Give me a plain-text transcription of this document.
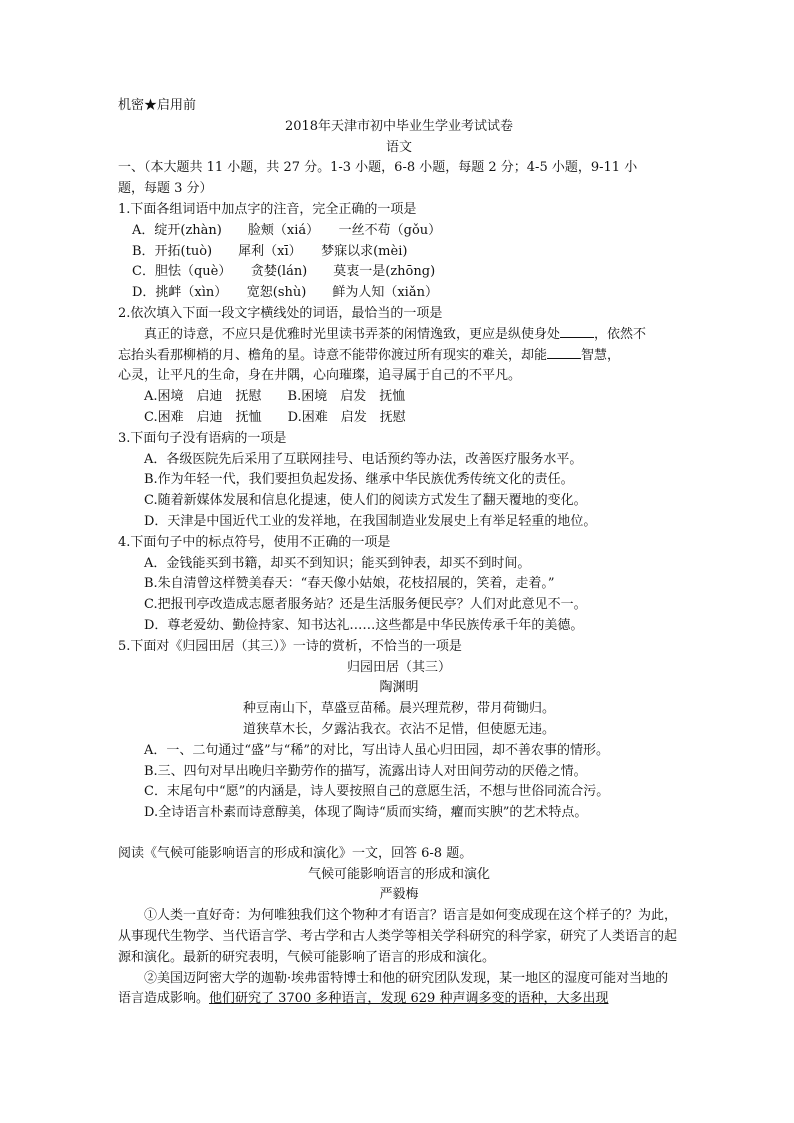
机密★启用前
2018年天津市初中毕业生学业考试试卷
语文
一、（本大题共 11 小题，共 27 分。1-3 小题，6-8 小题，每题 2 分；4-5 小题，9-11 小
题，每题 3 分）
1.下面各组词语中加点字的注音，完全正确的一项是
A．绽开(zhàn)　　脸颊（xiá）　　一丝不苟（gǒu）
B．开拓(tuò)　　犀利（xī）　　梦寐以求(mèi)
C．胆怯（què）　　贪婪(lán)　　莫衷一是(zhōng)
D．挑衅（xìn）　　宽恕(shù)　　鲜为人知（xiǎn）
2.依次填入下面一段文字横线处的词语，最恰当的一项是
真正的诗意，不应只是优雅时光里读书弄茶的闲情逸致，更应是纵使身处	，依然不
忘抬头看那柳梢的月、檐角的星。诗意不能带你渡过所有现实的难关，却能	智慧，
心灵，让平凡的生命，身在井隅，心向璀璨，追寻属于自己的不平凡。
A.困境　启迪　抚慰　　B.困境　启发　抚恤
C.困难　启迪　抚恤　　D.困难　启发　抚慰
3.下面句子没有语病的一项是
A．各级医院先后采用了互联网挂号、电话预约等办法，改善医疗服务水平。
B.作为年轻一代，我们要担负起发扬、继承中华民族优秀传统文化的责任。
C.随着新媒体发展和信息化提速，使人们的阅读方式发生了翻天覆地的变化。
D．天津是中国近代工业的发祥地，在我国制造业发展史上有举足轻重的地位。
4.下面句子中的标点符号，使用不正确的一项是
A．金钱能买到书籍，却买不到知识；能买到钟表，却买不到时间。
B.朱自清曾这样赞美春天：“春天像小姑娘，花枝招展的，笑着，走着。”
C.把报刊亭改造成志愿者服务站？还是生活服务便民亭？人们对此意见不一。
D．尊老爱幼、勤俭持家、知书达礼……这些都是中华民族传承千年的美德。
5.下面对《归园田居（其三）》一诗的赏析，不恰当的一项是
归园田居（其三）
陶渊明
种豆南山下，草盛豆苗稀。晨兴理荒秽，带月荷锄归。
道狭草木长，夕露沾我衣。衣沾不足惜，但使愿无违。
A．一、二句通过“盛”与“稀”的对比，写出诗人虽心归田园，却不善农事的情形。
B.三、四句对早出晚归辛勤劳作的描写，流露出诗人对田间劳动的厌倦之情。
C．末尾句中“愿”的内涵是，诗人要按照自己的意愿生活，不想与世俗同流合污。
D.全诗语言朴素而诗意醇美，体现了陶诗“质而实绮，癯而实腴”的艺术特点。
阅读《气候可能影响语言的形成和演化》一文，回答 6-8 题。
气候可能影响语言的形成和演化
严毅梅
①人类一直好奇：为何唯独我们这个物种才有语言？语言是如何变成现在这个样子的？为此，从事现代生物学、当代语言学、考古学和古人类学等相关学科研究的科学家，研究了人类语言的起源和演化。最新的研究表明，气候可能影响了语言的形成和演化。
②美国迈阿密大学的迦勒·埃弗雷特博士和他的研究团队发现，某一地区的湿度可能对当地的语言造成影响。他们研究了 3700 多种语言，发现 629 种声调多变的语种，大多出现
